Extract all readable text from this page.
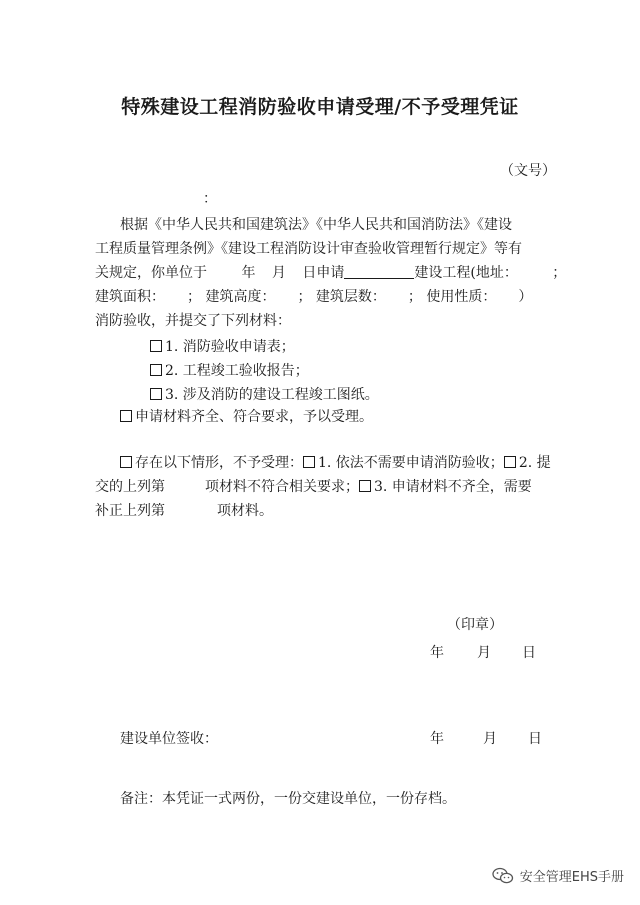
特殊建设工程消防验收申请受理/不予受理凭证
（文号）
：
根据《中华人民共和国建筑法》《中华人民共和国消防法》《建设
工程质量管理条例》《建设工程消防设计审查验收管理暂行规定》等有
关规定，你单位于 年 月 日申请	建设工程(地址： ；
建筑面积： ； 建筑高度： ； 建筑层数： ； 使用性质： ）
消防验收，并提交了下列材料：
1. 消防验收申请表；
2. 工程竣工验收报告；
3. 涉及消防的建设工程竣工图纸。
申请材料齐全、符合要求，予以受理。
存在以下情形，不予受理： 1. 依法不需要申请消防验收； 2. 提
交的上列第	项材料不符合相关要求； 3. 申请材料不齐全，需要
补正上列第	项材料。
（印章）
年 月 日
建设单位签收：	年	月 日
备注：本凭证一式两份，一份交建设单位，一份存档。
安全管理EHS手册
